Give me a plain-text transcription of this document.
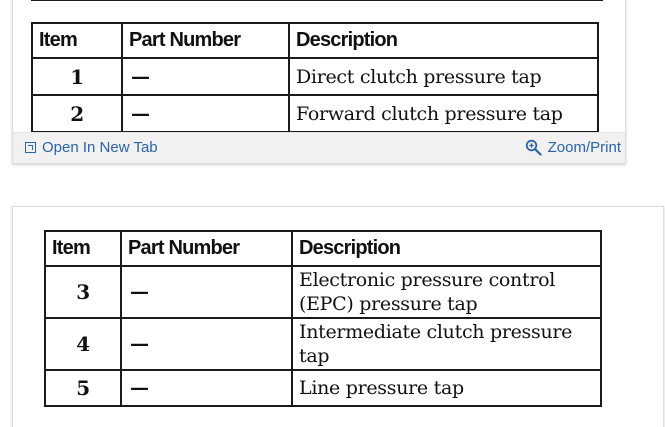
Item	Part Number	Description
1	—	Direct clutch pressure tap
2	—	Forward clutch pressure tap
Open In New Tab	Zoom/Print
Item	Part Number	Description
3	—	Electronic pressure control (EPC) pressure tap
4	—	Intermediate clutch pressure tap
5	—	Line pressure tap
